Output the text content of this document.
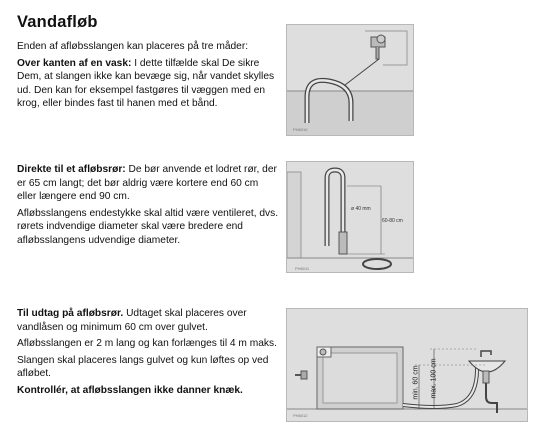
Vandafløb

Enden af afløbsslangen kan placeres på tre måder:

Over kanten af en vask: I dette tilfælde skal De sikre Dem, at slangen ikke kan bevæge sig, når vandet skylles ud. Den kan for eksempel fastgøres til væggen med en krog, eller bindes fast til hanen med et bånd.

Direkte til et afløbsrør: De bør anvende et lodret rør, der er 65 cm langt; det bør aldrig være kortere end 60 cm eller længere end 90 cm.

Afløbsslangens endestykke skal altid være ventileret, dvs. rørets indvendige diameter skal være bredere end afløbsslangens udvendige diameter.

Til udtag på afløbsrør. Udtaget skal placeres over vandlåsen og minimum 60 cm over gulvet.

Afløbsslangen er 2 m lang og kan forlænges til 4 m maks.

Slangen skal placeres langs gulvet og kun løftes op ved afløbet.

Kontrollér, at afløbsslangen ikke danner knæk.

PH8010
PH8011
ø 40 mm
60-80 cm
PH8012
min. 60 cm max. 100 cm
